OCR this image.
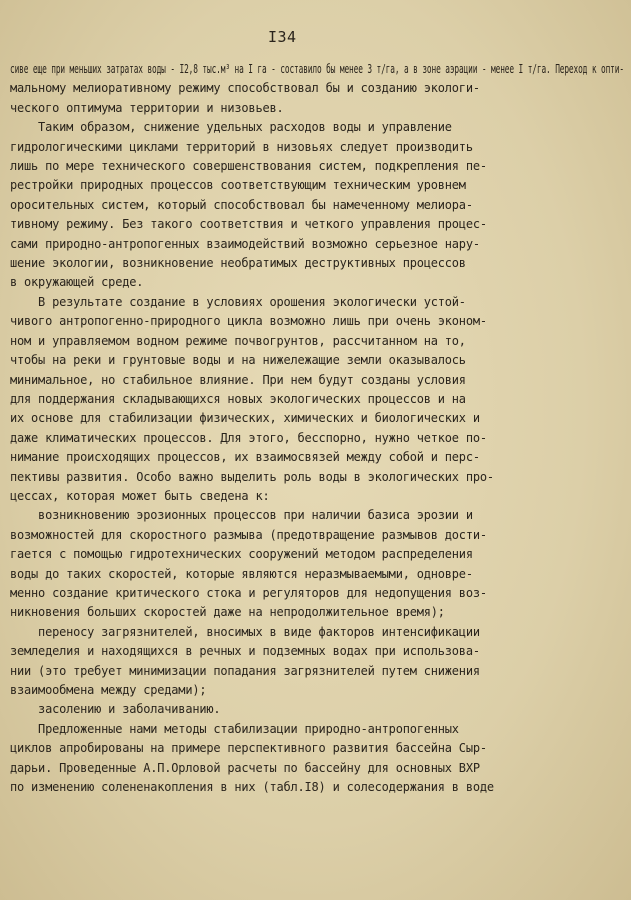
I34
сиве еще при меньших затратах воды - I2,8 тыс.м³ на I га - составило бы менее 3 т/га, а в зоне аэрации - менее I т/га. Переход к опти-
мальному мелиоративному режиму способствовал бы и созданию экологи-
ческого оптимума территории и низовьев.
Таким образом, снижение удельных расходов воды и управление
гидрологическими циклами территорий в низовьях следует производить
лишь по мере технического совершенствования систем, подкрепления пе-
рестройки природных процессов соответствующим техническим уровнем
оросительных систем, который способствовал бы намеченному мелиора-
тивному режиму. Без такого соответствия и четкого управления процес-
сами природно-антропогенных взаимодействий возможно серьезное нару-
шение экологии, возникновение необратимых деструктивных процессов
в окружающей среде.
В результате создание в условиях орошения экологически устой-
чивого антропогенно-природного цикла возможно лишь при очень эконом-
ном и управляемом водном режиме почвогрунтов, рассчитанном на то,
чтобы на реки и грунтовые воды и на нижележащие земли оказывалось
минимальное, но стабильное влияние. При нем будут созданы условия
для поддержания складывающихся новых экологических процессов и на
их основе для стабилизации физических, химических и биологических и
даже климатических процессов. Для этого, бесспорно, нужно четкое по-
нимание происходящих процессов, их взаимосвязей между собой и перс-
пективы развития. Особо важно выделить роль воды в экологических про-
цессах, которая может быть сведена к:
возникновению эрозионных процессов при наличии базиса эрозии и
возможностей для скоростного размыва (предотвращение размывов дости-
гается с помощью гидротехнических сооружений методом распределения
воды до таких скоростей, которые являются неразмываемыми, одновре-
менно создание критического стока и регуляторов для недопущения воз-
никновения больших скоростей даже на непродолжительное время);
переносу загрязнителей, вносимых в виде факторов интенсификации
земледелия и находящихся в речных и подземных водах при использова-
нии (это требует минимизации попадания загрязнителей путем снижения
взаимообмена между средами);
засолению и заболачиванию.
Предложенные нами методы стабилизации природно-антропогенных
циклов апробированы на примере перспективного развития бассейна Сыр-
дарьи. Проведенные А.П.Орловой расчеты по бассейну для основных ВХР
по изменению солененакопления в них (табл.I8) и солесодержания в воде
